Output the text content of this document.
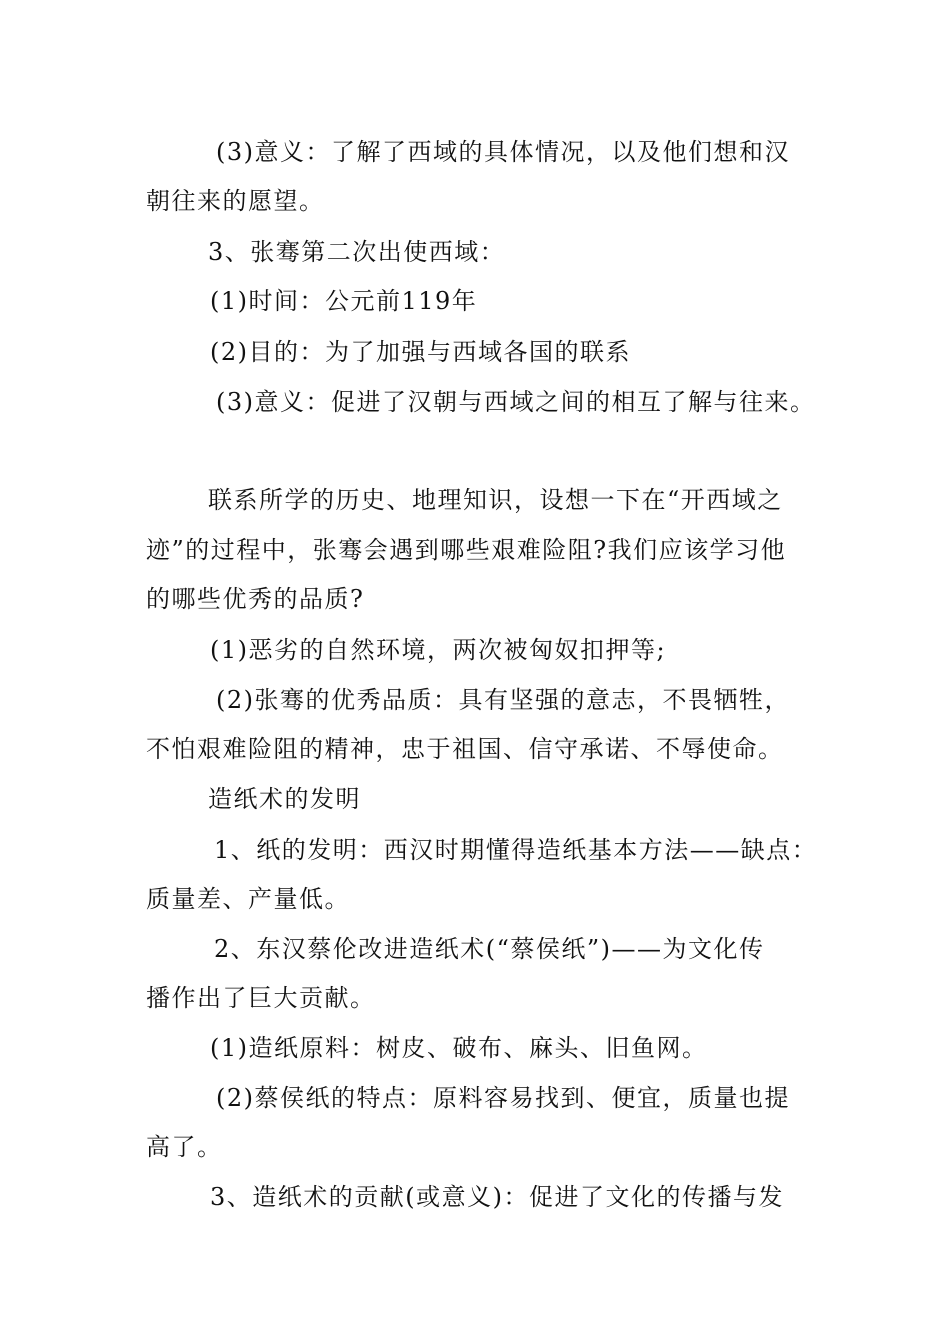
(3)意义：了解了西域的具体情况，以及他们想和汉
朝往来的愿望。
3、张骞第二次出使西域：
(1)时间：公元前119年
(2)目的：为了加强与西域各国的联系
(3)意义：促进了汉朝与西域之间的相互了解与往来。
联系所学的历史、地理知识，设想一下在“开西域之
迹”的过程中，张骞会遇到哪些艰难险阻?我们应该学习他
的哪些优秀的品质?
(1)恶劣的自然环境，两次被匈奴扣押等;
(2)张骞的优秀品质：具有坚强的意志，不畏牺牲，
不怕艰难险阻的精神，忠于祖国、信守承诺、不辱使命。
造纸术的发明
1、纸的发明：西汉时期懂得造纸基本方法——缺点：
质量差、产量低。
2、东汉蔡伦改进造纸术(“蔡侯纸”)——为文化传
播作出了巨大贡献。
(1)造纸原料：树皮、破布、麻头、旧鱼网。
(2)蔡侯纸的特点：原料容易找到、便宜，质量也提
高了。
3、造纸术的贡献(或意义)：促进了文化的传播与发
